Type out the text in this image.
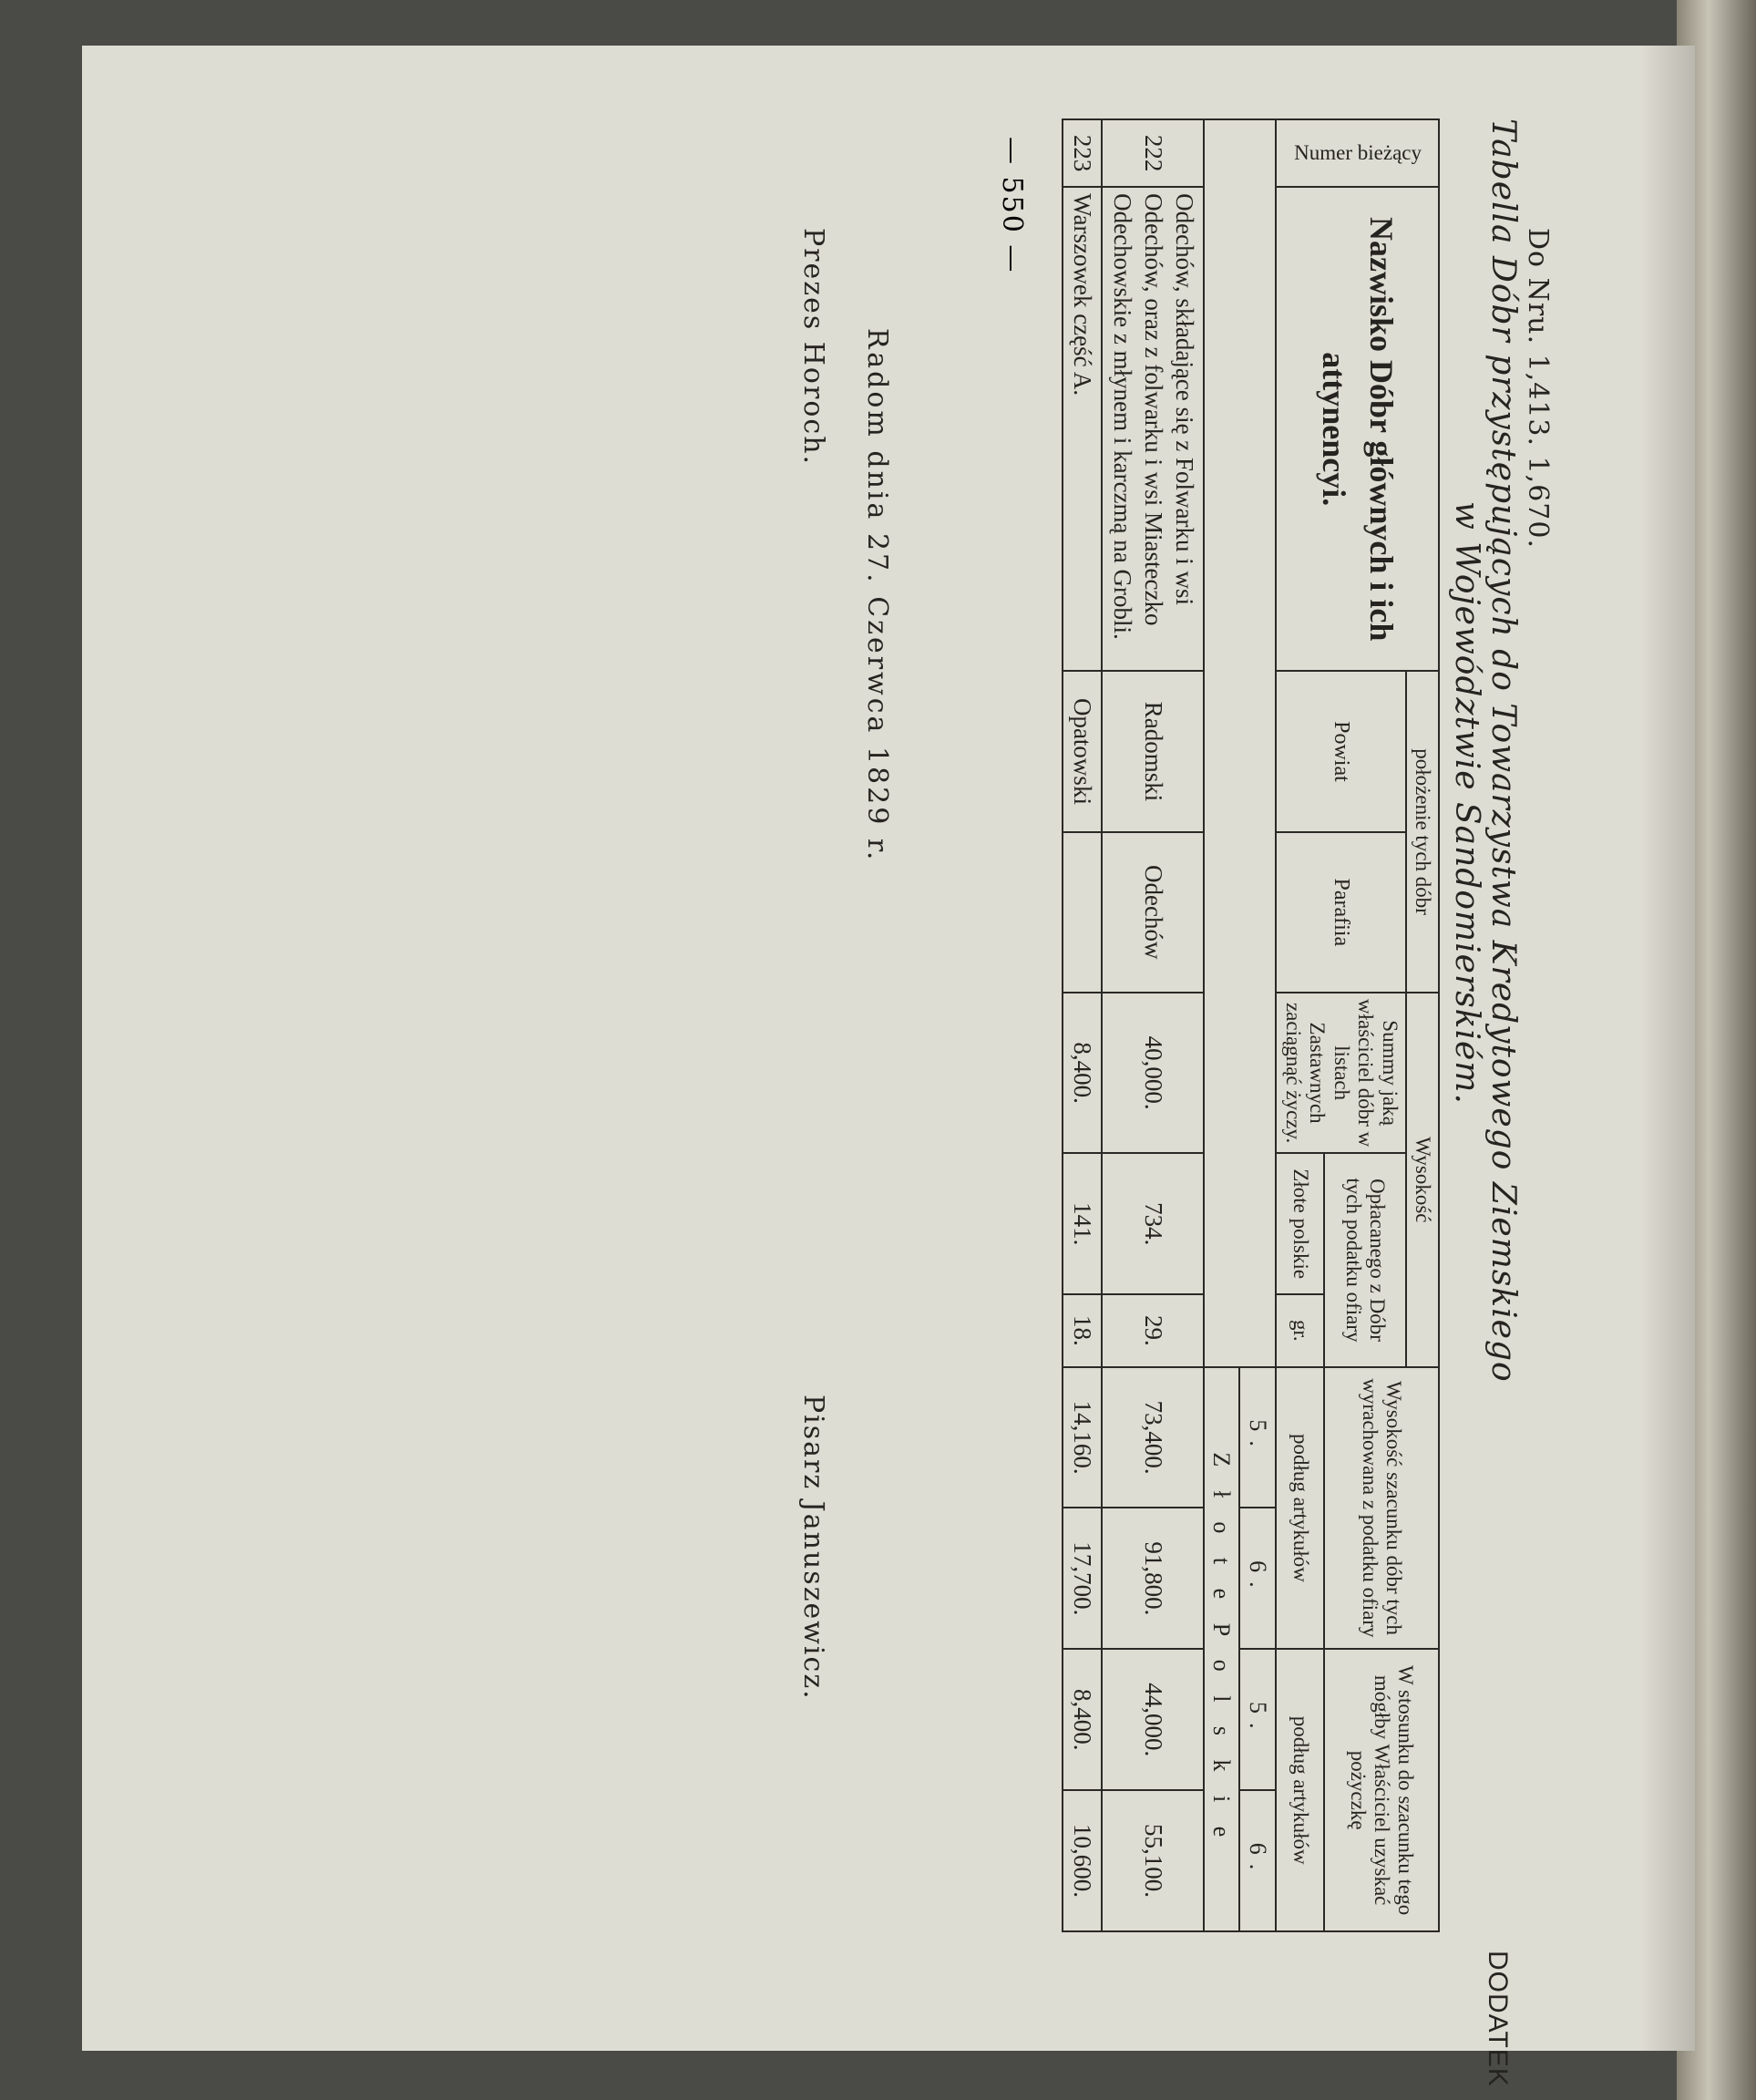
DODATEK
Do Nru. 1,413. 1,670.
Tabella Dóbr przystępujących do Towarzystwa Kredytowego Ziemskiego
w Województwie Sandomierskiém.
Numer bieżący	Nazwisko Dóbr głównych i ich attynencyi.	położenie tych dóbr		Wysokość			Wysokość szacunku dóbr tych wyrachowana z podatku ofiary		W stosunku do szacunku tego mógłby Właściciel uzyskać pożyczkę	
		Powiat	Parafiia	Summy jaką właściciel dóbr w listach Zastawnych zaciągnąć życzy.	Opłacanego z Dóbr tych podatku ofiary					
					Złote polskie	gr.	podług artykułów		podług artykułów	
							5.	6.	5.	6.
							Z ł o t e P o l s k i e			
222	Odechów, składające się z Folwarku i wsi Odechów, oraz z folwarku i wsi Miasteczko Odechowskie z młynem i karczmą na Grobli.	Radomski	Odechów	40,000.	734.	29.	73,400.	91,800.	44,000.	55,100.
223	Warszowek część A.	Opatowski		8,400.	141.	18.	14,160.	17,700.	8,400.	10,600.
Radom dnia 27. Czerwca 1829 r.
Prezes Horoch.
Pisarz Januszewicz.
— 550 —
